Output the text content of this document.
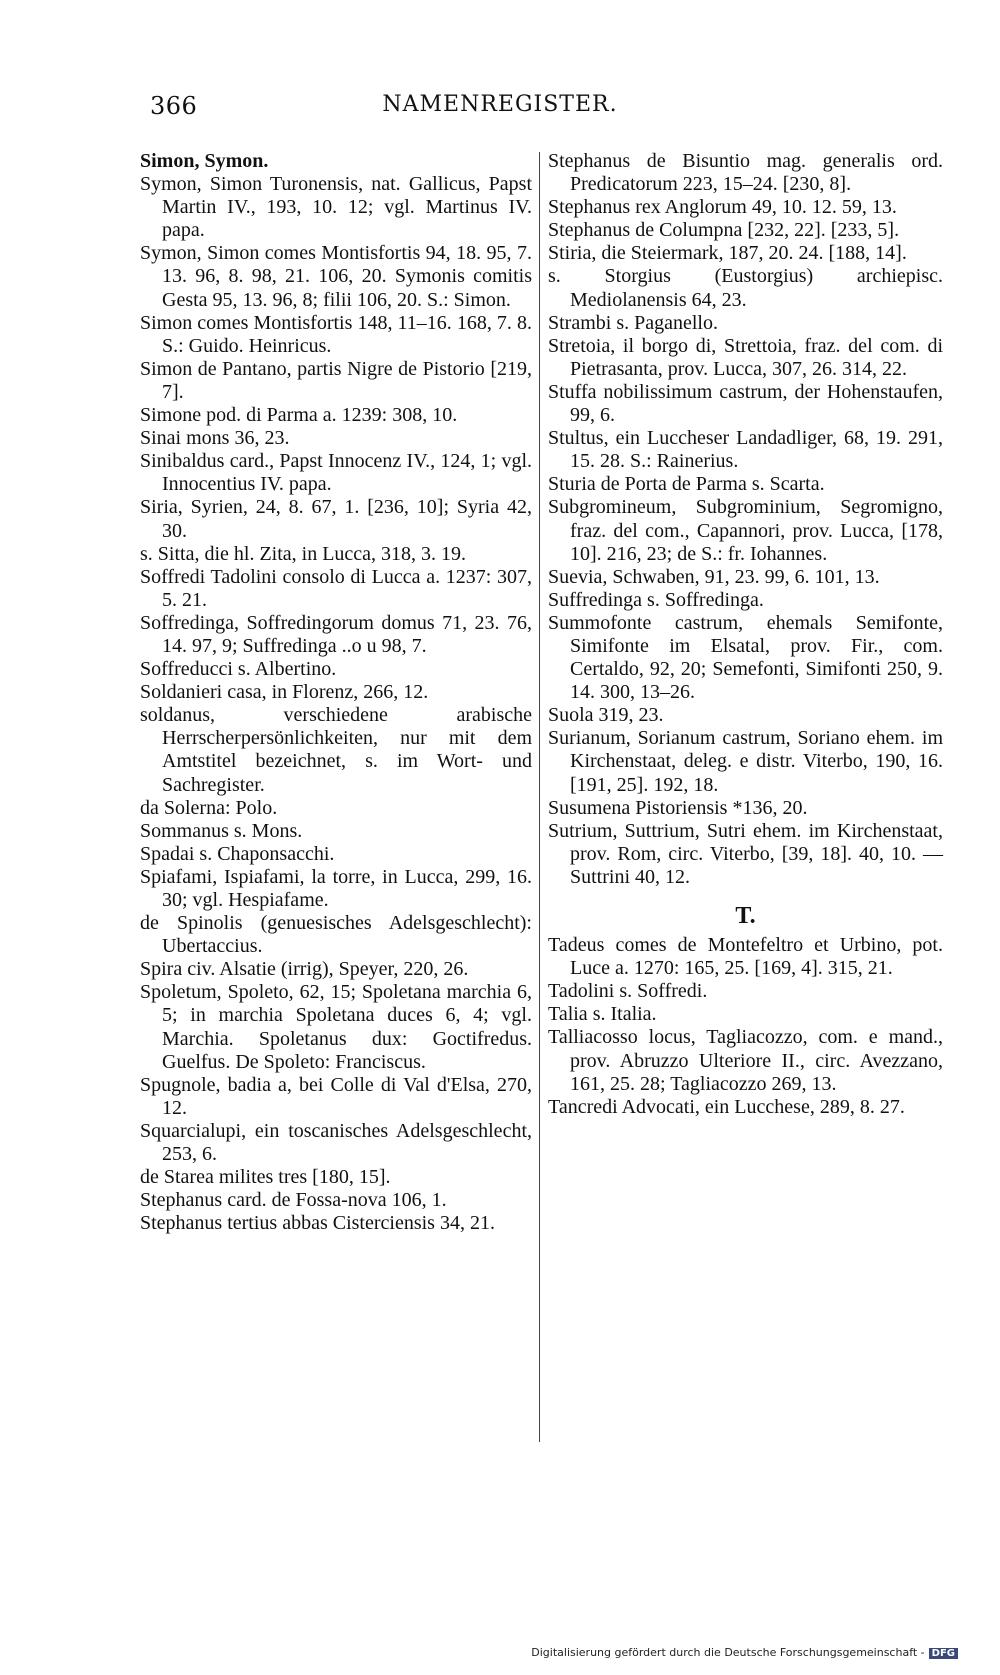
366	NAMENREGISTER.

Simon, Symon.

Symon, Simon Turonensis, nat. Gallicus, Papst Martin IV., 193, 10. 12; vgl. Martinus IV. papa.

Symon, Simon comes Montisfortis 94, 18. 95, 7. 13. 96, 8. 98, 21. 106, 20. Symonis comitis Gesta 95, 13. 96, 8; filii 106, 20. S.: Simon.

Simon comes Montisfortis 148, 11–16. 168, 7. 8. S.: Guido. Heinricus.

Simon de Pantano, partis Nigre de Pistorio [219, 7].

Simone pod. di Parma a. 1239: 308, 10.

Sinai mons 36, 23.

Sinibaldus card., Papst Innocenz IV., 124, 1; vgl. Innocentius IV. papa.

Siria, Syrien, 24, 8. 67, 1. [236, 10]; Syria 42, 30.

s. Sitta, die hl. Zita, in Lucca, 318, 3. 19.

Soffredi Tadolini consolo di Lucca a. 1237: 307, 5. 21.

Soffredinga, Soffredingorum domus 71, 23. 76, 14. 97, 9; Suffredinga ..o u 98, 7.

Soffreducci s. Albertino.

Soldanieri casa, in Florenz, 266, 12.

soldanus, verschiedene arabische Herrscherpersönlichkeiten, nur mit dem Amtstitel bezeichnet, s. im Wort- und Sachregister.

da Solerna: Polo.

Sommanus s. Mons.

Spadai s. Chaponsacchi.

Spiafami, Ispiafami, la torre, in Lucca, 299, 16. 30; vgl. Hespiafame.

de Spinolis (genuesisches Adelsgeschlecht): Ubertaccius.

Spira civ. Alsatie (irrig), Speyer, 220, 26.

Spoletum, Spoleto, 62, 15; Spoletana marchia 6, 5; in marchia Spoletana duces 6, 4; vgl. Marchia. Spoletanus dux: Goctifredus. Guelfus. De Spoleto: Franciscus.

Spugnole, badia a, bei Colle di Val d'Elsa, 270, 12.

Squarcialupi, ein toscanisches Adelsgeschlecht, 253, 6.

de Starea milites tres [180, 15].

Stephanus card. de Fossa-nova 106, 1.

Stephanus tertius abbas Cisterciensis 34, 21.

Stephanus de Bisuntio mag. generalis ord. Predicatorum 223, 15–24. [230, 8].

Stephanus rex Anglorum 49, 10. 12. 59, 13.

Stephanus de Columpna [232, 22]. [233, 5].

Stiria, die Steiermark, 187, 20. 24. [188, 14].

s. Storgius (Eustorgius) archiepisc. Mediolanensis 64, 23.

Strambi s. Paganello.

Stretoia, il borgo di, Strettoia, fraz. del com. di Pietrasanta, prov. Lucca, 307, 26. 314, 22.

Stuffa nobilissimum castrum, der Hohenstaufen, 99, 6.

Stultus, ein Luccheser Landadliger, 68, 19. 291, 15. 28. S.: Rainerius.

Sturia de Porta de Parma s. Scarta.

Subgromineum, Subgrominium, Segromigno, fraz. del com., Capannori, prov. Lucca, [178, 10]. 216, 23; de S.: fr. Iohannes.

Suevia, Schwaben, 91, 23. 99, 6. 101, 13.

Suffredinga s. Soffredinga.

Summofonte castrum, ehemals Semifonte, Simifonte im Elsatal, prov. Fir., com. Certaldo, 92, 20; Semefonti, Simifonti 250, 9. 14. 300, 13–26.

Suola 319, 23.

Surianum, Sorianum castrum, Soriano ehem. im Kirchenstaat, deleg. e distr. Viterbo, 190, 16. [191, 25]. 192, 18.

Susumena Pistoriensis *136, 20.

Sutrium, Suttrium, Sutri ehem. im Kirchenstaat, prov. Rom, circ. Viterbo, [39, 18]. 40, 10. — Suttrini 40, 12.

T.

Tadeus comes de Montefeltro et Urbino, pot. Luce a. 1270: 165, 25. [169, 4]. 315, 21.

Tadolini s. Soffredi.

Talia s. Italia.

Talliacosso locus, Tagliacozzo, com. e mand., prov. Abruzzo Ulteriore II., circ. Avezzano, 161, 25. 28; Tagliacozzo 269, 13.

Tancredi Advocati, ein Lucchese, 289, 8. 27.

Digitalisierung gefördert durch die Deutsche Forschungsgemeinschaft - DFG
